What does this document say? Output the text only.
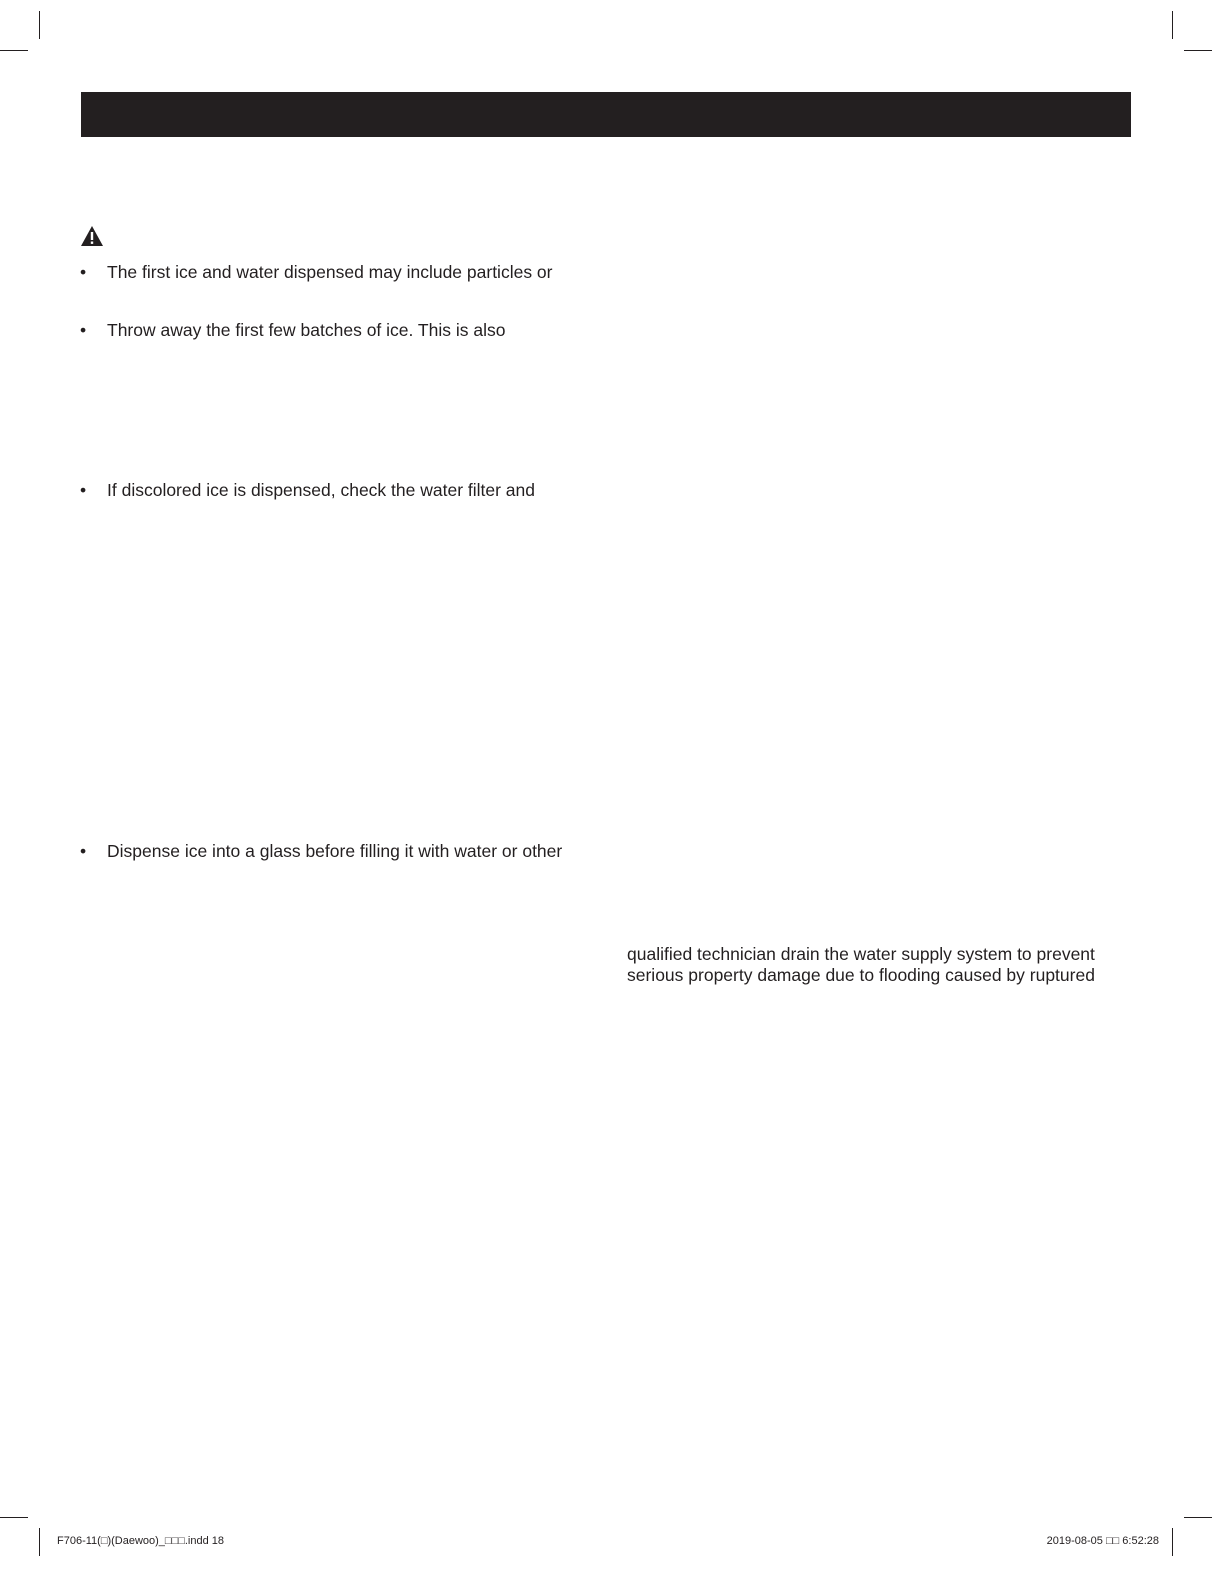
• The first ice and water dispensed may include particles or
• Throw away the first few batches of ice. This is also
• If discolored ice is dispensed, check the water filter and
• Dispense ice into a glass before filling it with water or other
qualified technician drain the water supply system to prevent
serious property damage due to flooding caused by ruptured
F706-11(□)(Daewoo)_□□□.indd 18	2019-08-05 □□ 6:52:28
